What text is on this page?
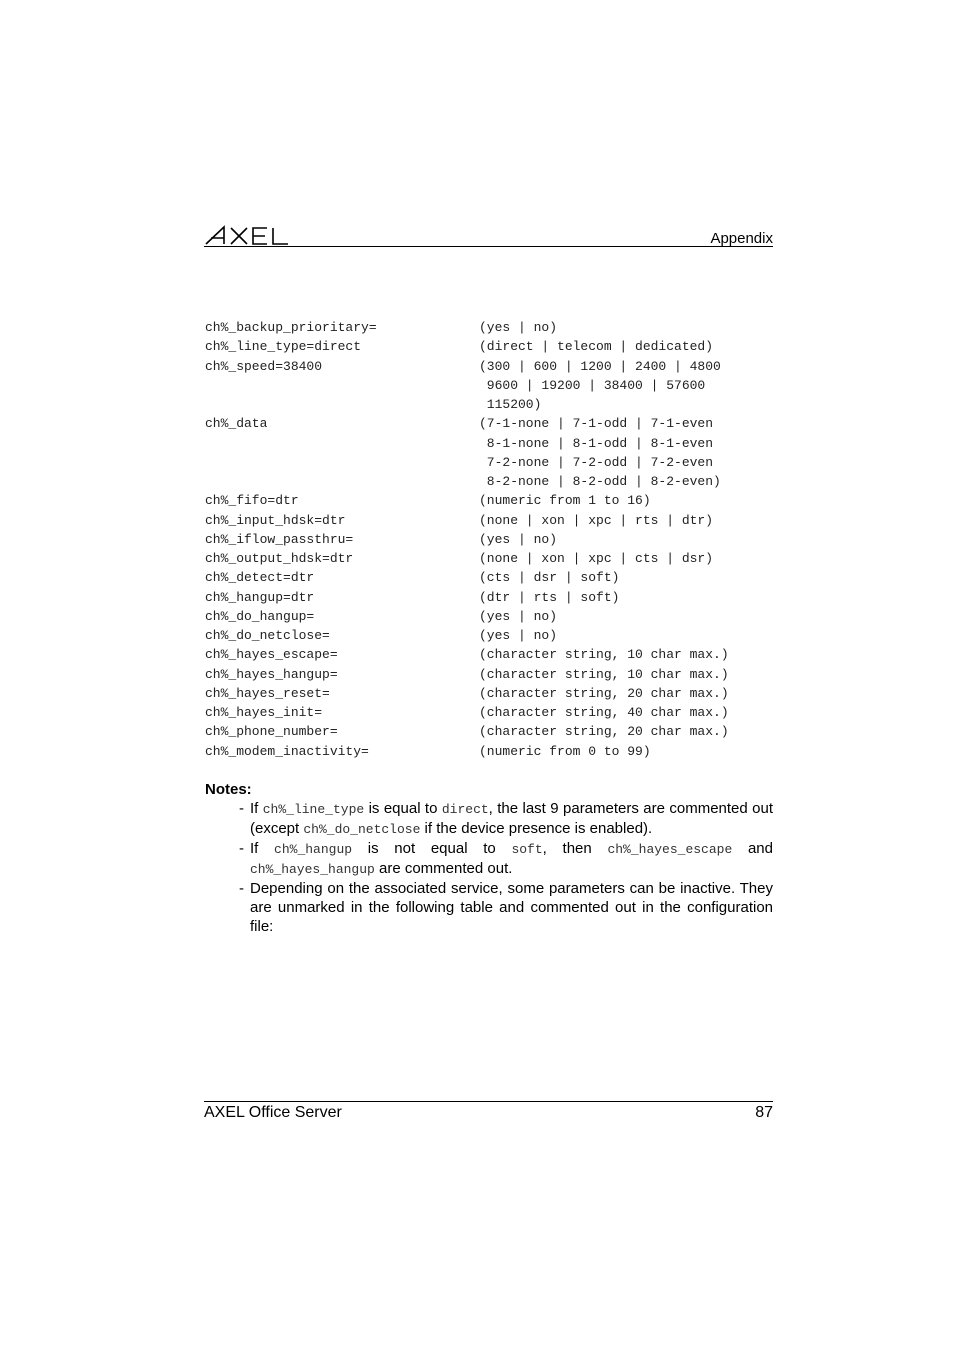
Appendix
ch%_backup_prioritary=	(yes | no)
ch%_line_type=direct	(direct | telecom | dedicated)
ch%_speed=38400	(300 | 600 | 1200 | 2400 | 4800
9600 | 19200 | 38400 | 57600
115200)
ch%_data	(7-1-none | 7-1-odd | 7-1-even
8-1-none | 8-1-odd | 8-1-even
7-2-none | 7-2-odd | 7-2-even
8-2-none | 8-2-odd | 8-2-even)
ch%_fifo=dtr	(numeric from 1 to 16)
ch%_input_hdsk=dtr	(none | xon | xpc | rts | dtr)
ch%_iflow_passthru=	(yes | no)
ch%_output_hdsk=dtr	(none | xon | xpc | cts | dsr)
ch%_detect=dtr	(cts | dsr | soft)
ch%_hangup=dtr	(dtr | rts | soft)
ch%_do_hangup=	(yes | no)
ch%_do_netclose=	(yes | no)
ch%_hayes_escape=	(character string, 10 char max.)
ch%_hayes_hangup=	(character string, 10 char max.)
ch%_hayes_reset=	(character string, 20 char max.)
ch%_hayes_init=	(character string, 40 char max.)
ch%_phone_number=	(character string, 20 char max.)
ch%_modem_inactivity=	(numeric from 0 to 99)
Notes:
- If ch%_line_type is equal to direct, the last 9 parameters are commented out (except ch%_do_netclose if the device presence is enabled).
- If ch%_hangup is not equal to soft, then ch%_hayes_escape and ch%_hayes_hangup are commented out.
- Depending on the associated service, some parameters can be inactive. They are unmarked in the following table and commented out in the configuration file:
AXEL Office Server	87
